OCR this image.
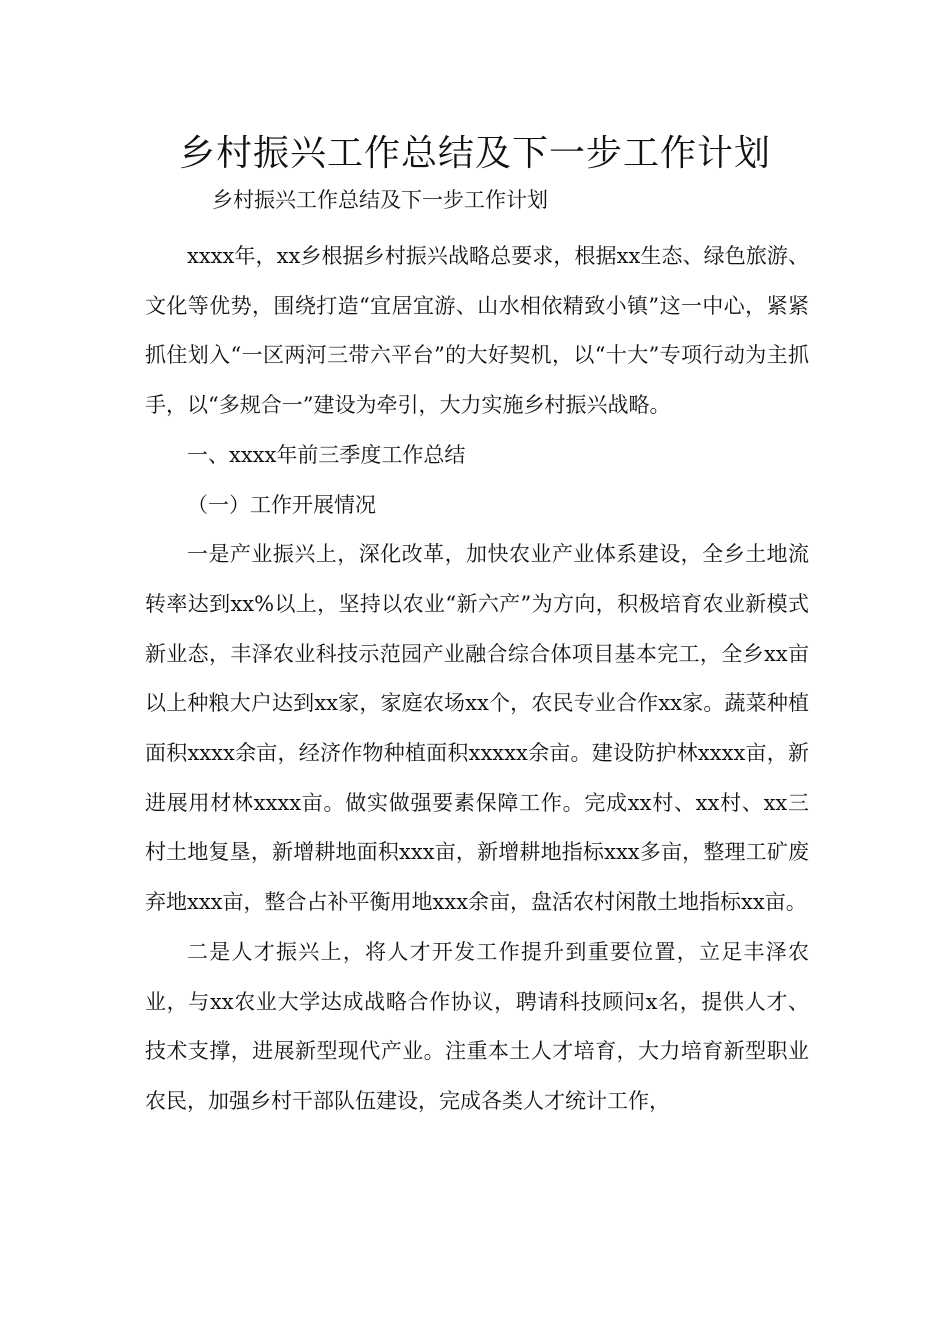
乡村振兴工作总结及下一步工作计划

乡村振兴工作总结及下一步工作计划

xxxx年，xx乡根据乡村振兴战略总要求，根据xx生态、绿色旅游、文化等优势，围绕打造“宜居宜游、山水相依精致小镇”这一中心，紧紧抓住划入“一区两河三带六平台”的大好契机，以“十大”专项行动为主抓手，以“多规合一”建设为牵引，大力实施乡村振兴战略。

一、xxxx年前三季度工作总结

（一）工作开展情况

一是产业振兴上，深化改革，加快农业产业体系建设，全乡土地流转率达到xx%以上，坚持以农业“新六产”为方向，积极培育农业新模式新业态，丰泽农业科技示范园产业融合综合体项目基本完工，全乡xx亩以上种粮大户达到xx家，家庭农场xx个，农民专业合作xx家。蔬菜种植面积xxxx余亩，经济作物种植面积xxxxx余亩。建设防护林xxxx亩，新进展用材林xxxx亩。做实做强要素保障工作。完成xx村、xx村、xx三村土地复垦，新增耕地面积xxx亩，新增耕地指标xxx多亩，整理工矿废弃地xxx亩，整合占补平衡用地xxx余亩，盘活农村闲散土地指标xx亩。

二是人才振兴上，将人才开发工作提升到重要位置，立足丰泽农业，与xx农业大学达成战略合作协议，聘请科技顾问x名，提供人才、技术支撑，进展新型现代产业。注重本土人才培育，大力培育新型职业农民，加强乡村干部队伍建设，完成各类人才统计工作，
